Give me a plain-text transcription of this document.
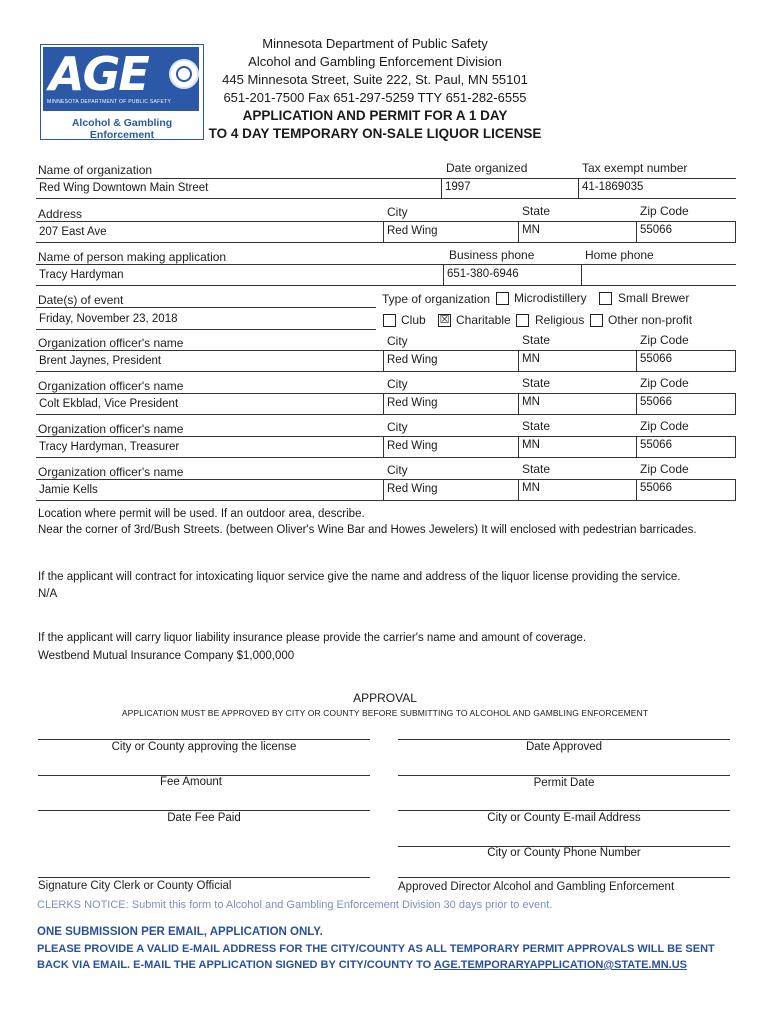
AGE
MINNESOTA DEPARTMENT OF PUBLIC SAFETY
Alcohol & Gambling Enforcement
Minnesota Department of Public Safety
Alcohol and Gambling Enforcement Division
445 Minnesota Street, Suite 222, St. Paul, MN 55101
651-201-7500 Fax 651-297-5259 TTY 651-282-6555
APPLICATION AND PERMIT FOR A 1 DAY
TO 4 DAY TEMPORARY ON-SALE LIQUOR LICENSE
Name of organization	Date organized	Tax exempt number
Red Wing Downtown Main Street	1997	41-1869035
Address	City	State	Zip Code
207 East Ave	Red Wing	MN	55066
Name of person making application	Business phone	Home phone
Tracy Hardyman	651-380-6946
Date(s) of event	Type of organization Microdistillery	Small Brewer
Friday, November 23, 2018	Club ☒ Charitable Religious Other non-profit
Organization officer's name	City	State	Zip Code
Brent Jaynes, President	Red Wing	MN	55066
Organization officer's name	City	State	Zip Code
Colt Ekblad, Vice President	Red Wing	MN	55066
Organization officer's name	City	State	Zip Code
Tracy Hardyman, Treasurer	Red Wing	MN	55066
Organization officer's name	City	State	Zip Code
Jamie Kells	Red Wing	MN	55066
Location where permit will be used. If an outdoor area, describe.
Near the corner of 3rd/Bush Streets. (between Oliver's Wine Bar and Howes Jewelers) It will enclosed with pedestrian barricades.
If the applicant will contract for intoxicating liquor service give the name and address of the liquor license providing the service.
N/A
If the applicant will carry liquor liability insurance please provide the carrier's name and amount of coverage.
Westbend Mutual Insurance Company $1,000,000
APPROVAL
APPLICATION MUST BE APPROVED BY CITY OR COUNTY BEFORE SUBMITTING TO ALCOHOL AND GAMBLING ENFORCEMENT
City or County approving the license	Date Approved
Fee Amount	Permit Date
Date Fee Paid	City or County E-mail Address
City or County Phone Number
Signature City Clerk or County Official	Approved Director Alcohol and Gambling Enforcement
CLERKS NOTICE: Submit this form to Alcohol and Gambling Enforcement Division 30 days prior to event.
ONE SUBMISSION PER EMAIL, APPLICATION ONLY.
PLEASE PROVIDE A VALID E-MAIL ADDRESS FOR THE CITY/COUNTY AS ALL TEMPORARY PERMIT APPROVALS WILL BE SENT
BACK VIA EMAIL. E-MAIL THE APPLICATION SIGNED BY CITY/COUNTY TO AGE.TEMPORARYAPPLICATION@STATE.MN.US
